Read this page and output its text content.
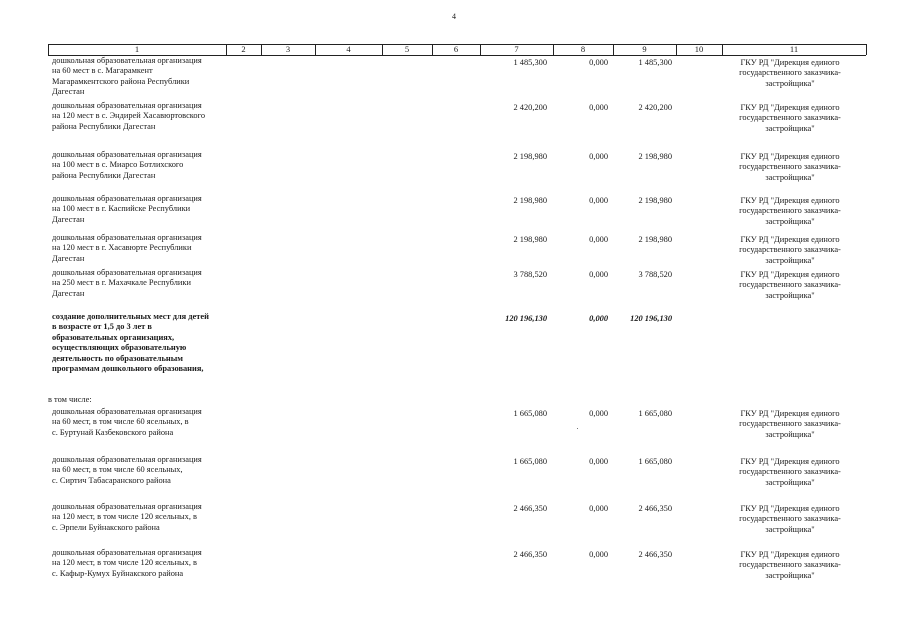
4
1	2	3	4	5	6	7	8	9	10	11
дошкольная образовательная организация
на 60 мест в с. Магарамкент
Магарамкентского района Республики
Дагестан
1 485,300	0,000	1 485,300	ГКУ РД "Дирекция единого
государственного заказчика-
застройщика"
дошкольная образовательная организация
на 120 мест в с. Эндирей Хасавюртовского
района Республики Дагестан
2 420,200	0,000	2 420,200	ГКУ РД "Дирекция единого
государственного заказчика-
застройщика"
дошкольная образовательная организация
на 100 мест в с. Миарсо Ботлихского
района Республики Дагестан
2 198,980	0,000	2 198,980	ГКУ РД "Дирекция единого
государственного заказчика-
застройщика"
дошкольная образовательная организация
на 100 мест в г. Каспийске Республики
Дагестан
2 198,980	0,000	2 198,980	ГКУ РД "Дирекция единого
государственного заказчика-
застройщика"
дошкольная образовательная организация
на 120 мест в г. Хасавюрте Республики
Дагестан
2 198,980	0,000	2 198,980	ГКУ РД "Дирекция единого
государственного заказчика-
застройщика"
дошкольная образовательная организация
на 250 мест в г. Махачкале Республики
Дагестан
3 788,520	0,000	3 788,520	ГКУ РД "Дирекция единого
государственного заказчика-
застройщика"
создание дополнительных мест для детей
в возрасте от 1,5 до 3 лет в
образовательных организациях,
осуществляющих образовательную
деятельность по образовательным
программам дошкольного образования,
120 196,130	0,000	120 196,130
в том числе:
дошкольная образовательная организация
на 60 мест, в том числе 60 ясельных, в
с. Буртунай Казбековского района
1 665,080	0,000	1 665,080	ГКУ РД "Дирекция единого
государственного заказчика-
застройщика"
дошкольная образовательная организация
на 60 мест, в том числе 60 ясельных,
с. Сиртич Табасаранского района
1 665,080	0,000	1 665,080	ГКУ РД "Дирекция единого
государственного заказчика-
застройщика"
дошкольная образовательная организация
на 120 мест, в том числе 120 ясельных, в
с. Эрпели Буйнакского района
2 466,350	0,000	2 466,350	ГКУ РД "Дирекция единого
государственного заказчика-
застройщика"
дошкольная образовательная организация
на 120 мест, в том числе 120 ясельных, в
с. Кафыр-Кумух Буйнакского района
2 466,350	0,000	2 466,350	ГКУ РД "Дирекция единого
государственного заказчика-
застройщика"
